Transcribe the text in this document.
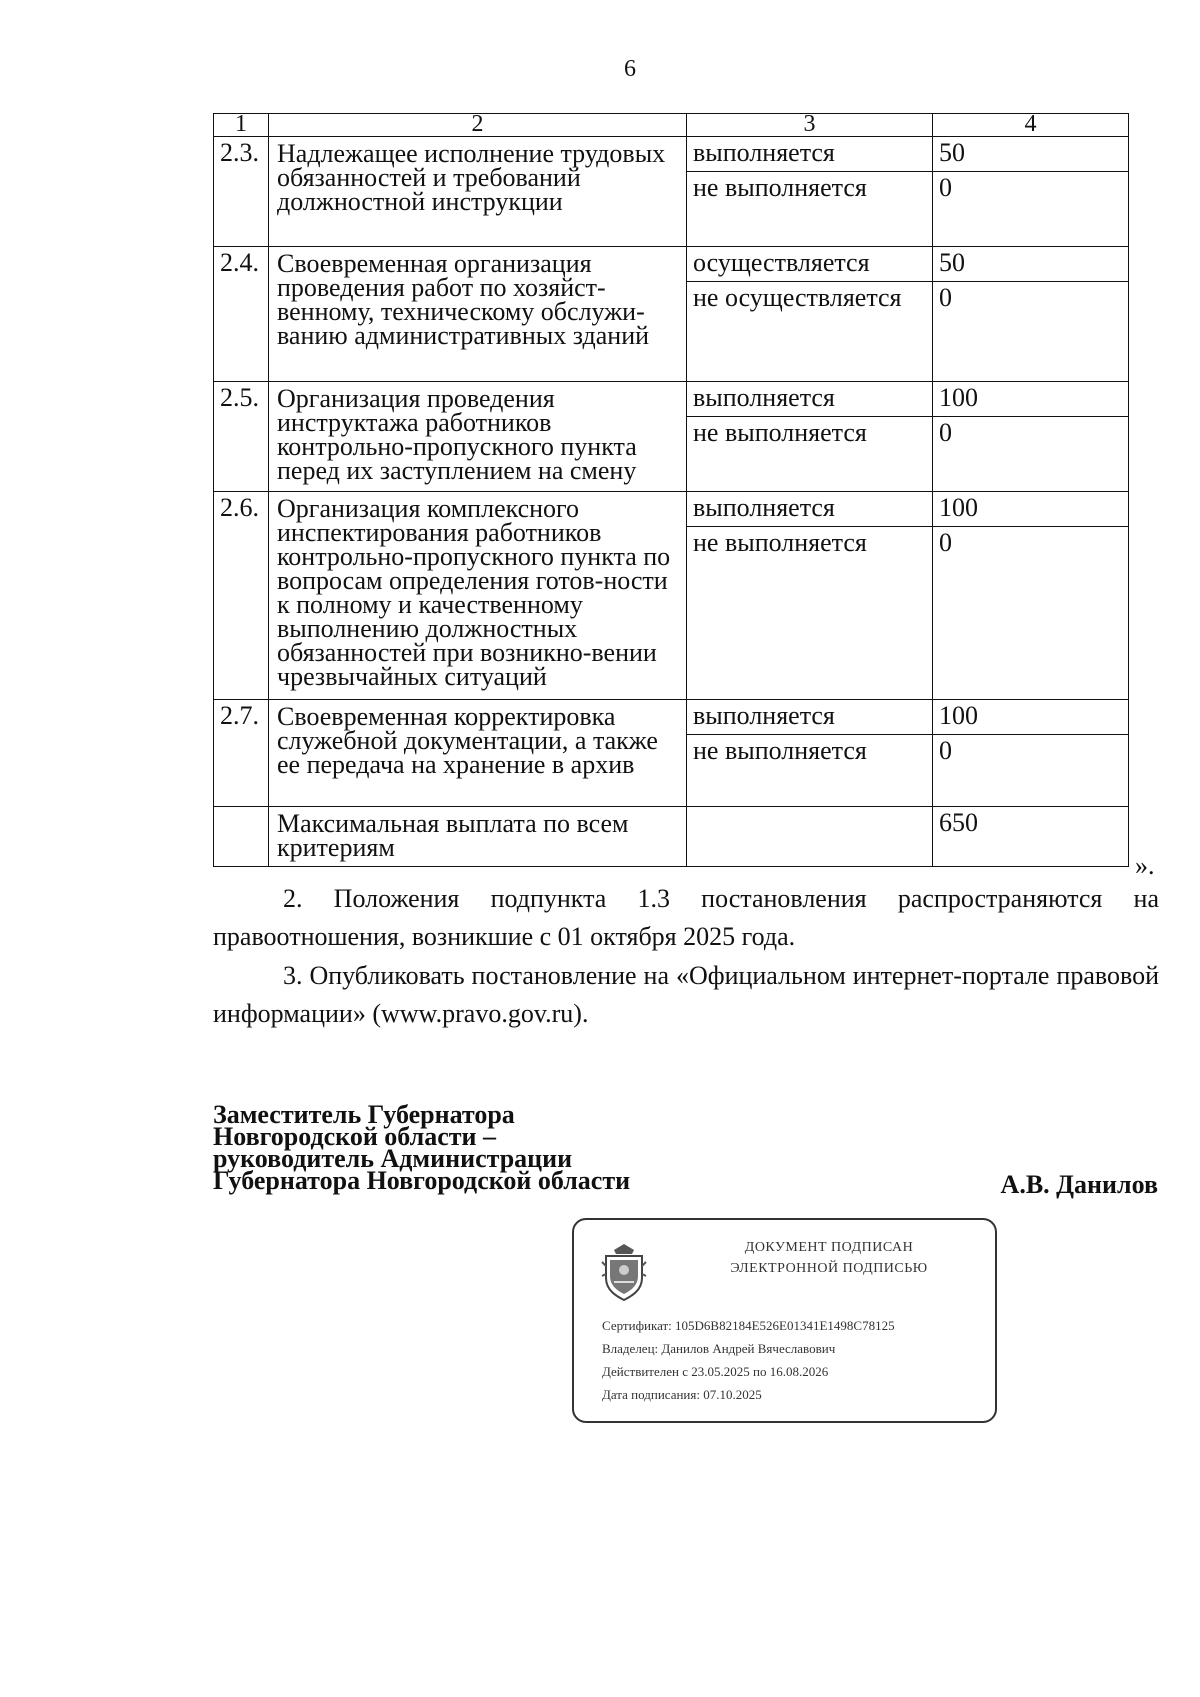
6
1	2	3	4
2.3.	Надлежащее исполнение трудовых обязанностей и требований должностной инструкции	выполняется	50
		не выполняется	0
2.4.	Своевременная организация проведения работ по хозяйст-венному, техническому обслужи-ванию административных зданий	осуществляется	50
		не осуществляется	0
2.5.	Организация проведения инструктажа работников контрольно-пропускного пункта перед их заступлением на смену	выполняется	100
		не выполняется	0
2.6.	Организация комплексного инспектирования работников контрольно-пропускного пункта по вопросам определения готов-ности к полному и качественному выполнению должностных обязанностей при возникно-вении чрезвычайных ситуаций	выполняется	100
		не выполняется	0
2.7.	Своевременная корректировка служебной документации, а также ее передача на хранение в архив	выполняется	100
		не выполняется	0
	Максимальная выплата по всем критериям		650
».

2. Положения подпункта 1.3 постановления распространяются на правоотношения, возникшие с 01 октября 2025 года.

3. Опубликовать постановление на «Официальном интернет-портале правовой информации» (www.pravo.gov.ru).

Заместитель Губернатора
Новгородской области –
руководитель Администрации
Губернатора Новгородской области	А.В. Данилов
ДОКУМЕНТ ПОДПИСАН
ЭЛЕКТРОННОЙ ПОДПИСЬЮ
Сертификат: 105D6B82184E526E01341E1498C78125
Владелец: Данилов Андрей Вячеславович
Действителен с 23.05.2025 по 16.08.2026
Дата подписания: 07.10.2025
